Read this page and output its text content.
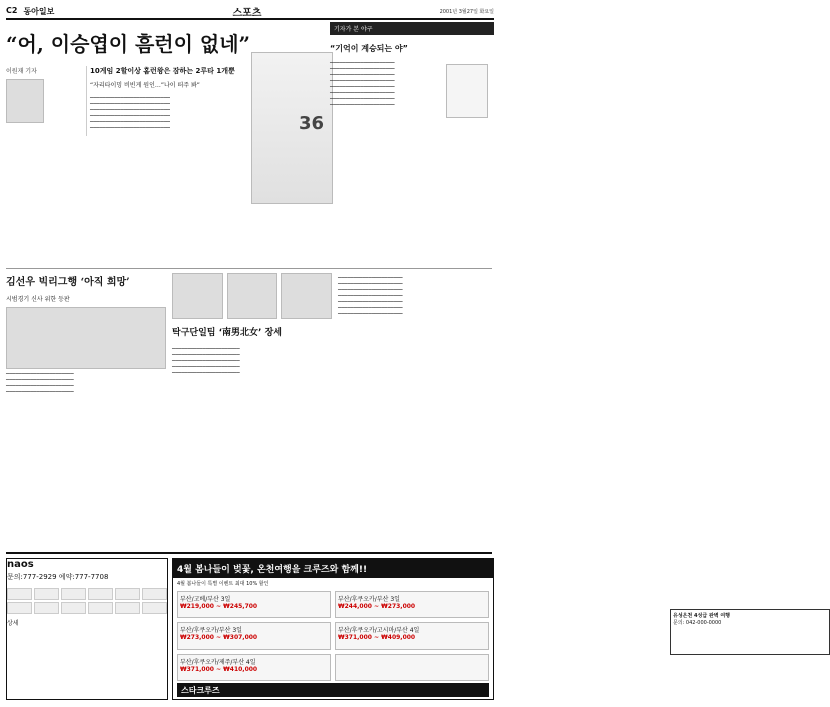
C2 동아일보	스포츠	2001년 3월27일 화요일
“어, 이승엽이 흠런이 없네”
이원재 기자	10게임 2할이상 홈런왕은 잠하는 2루타 1개뿐
“자리타이밍 비빈게 원인…”나이 떠주 봐”
▁▁▁▁▁▁▁▁▁▁▁▁▁▁▁▁▁▁▁▁▁▁▁▁▁▁
▁▁▁▁▁▁▁▁▁▁▁▁▁▁▁▁▁▁▁▁▁▁▁▁▁▁
▁▁▁▁▁▁▁▁▁▁▁▁▁▁▁▁▁▁▁▁▁▁▁▁▁▁
▁▁▁▁▁▁▁▁▁▁▁▁▁▁▁▁▁▁▁▁▁▁▁▁▁▁
▁▁▁▁▁▁▁▁▁▁▁▁▁▁▁▁▁▁▁▁▁▁▁▁▁▁
▁▁▁▁▁▁▁▁▁▁▁▁▁▁▁▁▁▁▁▁▁▁▁▁▁▁	36
기자가 본 야구
“기억이 계승되는 야”
▁▁▁▁▁▁▁▁▁▁▁▁▁▁▁▁▁▁▁▁▁
▁▁▁▁▁▁▁▁▁▁▁▁▁▁▁▁▁▁▁▁▁
▁▁▁▁▁▁▁▁▁▁▁▁▁▁▁▁▁▁▁▁▁
▁▁▁▁▁▁▁▁▁▁▁▁▁▁▁▁▁▁▁▁▁
▁▁▁▁▁▁▁▁▁▁▁▁▁▁▁▁▁▁▁▁▁
▁▁▁▁▁▁▁▁▁▁▁▁▁▁▁▁▁▁▁▁▁
▁▁▁▁▁▁▁▁▁▁▁▁▁▁▁▁▁▁▁▁▁
▁▁▁▁▁▁▁▁▁▁▁▁▁▁▁▁▁▁▁▁▁
김선우 빅리그행 ‘아직 희망’
시범경기 신사 위한 등판
▁▁▁▁▁▁▁▁▁▁▁▁▁▁▁▁▁▁▁▁▁▁
▁▁▁▁▁▁▁▁▁▁▁▁▁▁▁▁▁▁▁▁▁▁
▁▁▁▁▁▁▁▁▁▁▁▁▁▁▁▁▁▁▁▁▁▁
▁▁▁▁▁▁▁▁▁▁▁▁▁▁▁▁▁▁▁▁▁▁
탁구단일팀 ‘南男北女’ 장세
▁▁▁▁▁▁▁▁▁▁▁▁▁▁▁▁▁▁▁▁▁▁
▁▁▁▁▁▁▁▁▁▁▁▁▁▁▁▁▁▁▁▁▁▁
▁▁▁▁▁▁▁▁▁▁▁▁▁▁▁▁▁▁▁▁▁▁
▁▁▁▁▁▁▁▁▁▁▁▁▁▁▁▁▁▁▁▁▁▁
▁▁▁▁▁▁▁▁▁▁▁▁▁▁▁▁▁▁▁▁▁▁
▁▁▁▁▁▁▁▁▁▁▁▁▁▁▁▁▁▁▁▁▁
▁▁▁▁▁▁▁▁▁▁▁▁▁▁▁▁▁▁▁▁▁
▁▁▁▁▁▁▁▁▁▁▁▁▁▁▁▁▁▁▁▁▁
▁▁▁▁▁▁▁▁▁▁▁▁▁▁▁▁▁▁▁▁▁
▁▁▁▁▁▁▁▁▁▁▁▁▁▁▁▁▁▁▁▁▁
▁▁▁▁▁▁▁▁▁▁▁▁▁▁▁▁▁▁▁▁▁
▁▁▁▁▁▁▁▁▁▁▁▁▁▁▁▁▁▁▁▁▁
유성온천 4성급 완벽 여행
문의: 042-000-0000
naos
문의:777-2929 예약:777-7708
상세
4월 봄나들이 벚꽃, 온천여행을 크루즈와 함께!!
4월 봄나들이 특별 이벤트 최대 10% 할인
부산/고베/부산 3일
₩219,000 ~ ₩245,700
부산/후쿠오카/부산 3일
₩244,000 ~ ₩273,000
부산/후쿠오카/부산 3일
₩273,000 ~ ₩307,000
부산/후쿠오카/고시마/부산 4일
₩371,000 ~ ₩409,000
부산/후쿠오카/제주/부산 4일
₩371,000 ~ ₩410,000
스타크루즈
